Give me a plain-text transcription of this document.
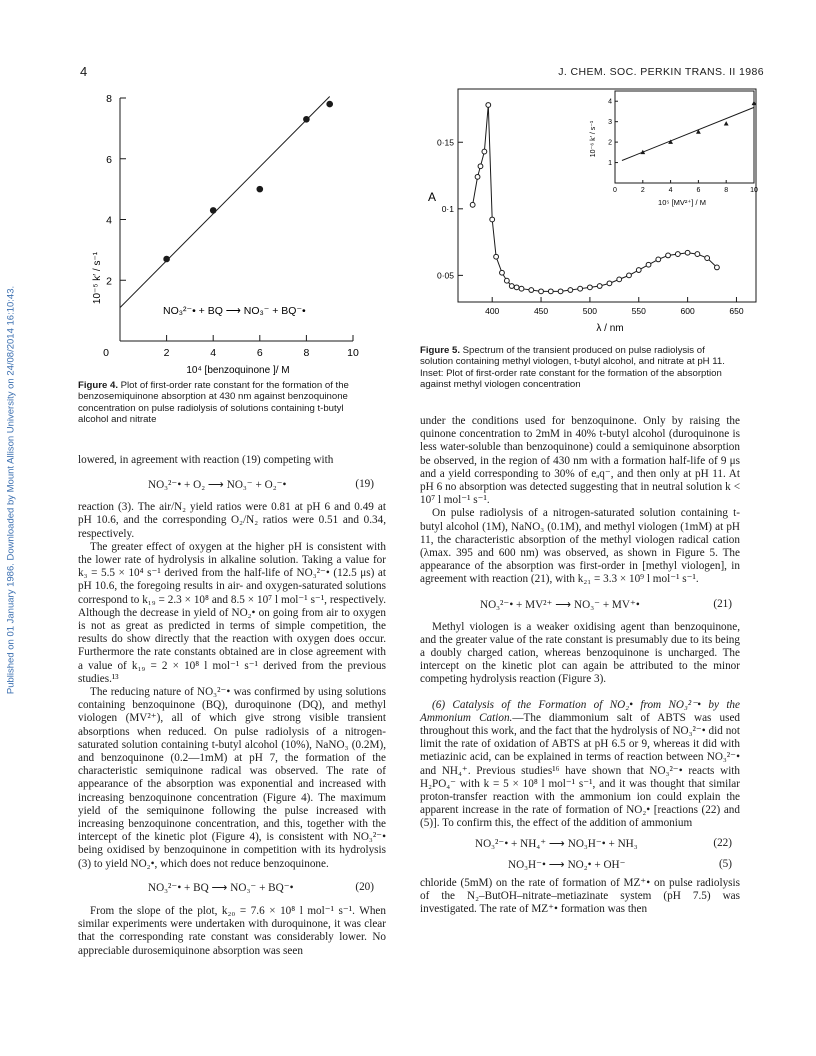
Published on 01 January 1986. Downloaded by Mount Allison University on 24/08/2014 16:10:43.
4	J. CHEM. SOC. PERKIN TRANS. II 1986
10⁻⁵ k′ / s⁻¹ 2
4
6
8
0	2	4	6	8	10
NO₃²⁻• + BQ ⟶ NO₃⁻ + BQ⁻•
10⁴ [benzoquinone ]/ M
Figure 4. Plot of first-order rate constant for the formation of the benzosemiquinone absorption at 430 nm against benzoquinone concentration on pulse radiolysis of solutions containing t-butyl alcohol and nitrate
A
0·05
0·1
0·15
400	450	500	550	600	650
λ / nm
10⁻⁶ k′ / s⁻¹
1
2
3
4
0	2	4	6	8	10
10⁵ [MV²⁺] / M
Figure 5. Spectrum of the transient produced on pulse radiolysis of solution containing methyl viologen, t-butyl alcohol, and nitrate at pH 11. Inset: Plot of first-order rate constant for the formation of the absorption against methyl viologen concentration

lowered, in agreement with reaction (19) competing with

NO₃²⁻• + O₂ ⟶ NO₃⁻ + O₂⁻•	(19)

reaction (3). The air/N₂ yield ratios were 0.81 at pH 6 and 0.49 at pH 10.6, and the corresponding O₂/N₂ ratios were 0.51 and 0.34, respectively.

The greater effect of oxygen at the higher pH is consistent with the lower rate of hydrolysis in alkaline solution. Taking a value for k₃ = 5.5 × 10⁴ s⁻¹ derived from the half-life of NO₃²⁻• (12.5 μs) at pH 10.6, the foregoing results in air- and oxygen-saturated solutions correspond to k₁₉ = 2.3 × 10⁸ and 8.5 × 10⁷ l mol⁻¹ s⁻¹, respectively. Although the decrease in yield of NO₂• on going from air to oxygen is not as great as predicted in terms of simple competition, the results do show directly that the reaction with oxygen does occur. Furthermore the rate constants obtained are in close agreement with a value of k₁₉ = 2 × 10⁸ l mol⁻¹ s⁻¹ derived from the previous studies.¹³

The reducing nature of NO₃²⁻• was confirmed by using solutions containing benzoquinone (BQ), duroquinone (DQ), and methyl viologen (MV²⁺), all of which give strong visible transient absorptions when reduced. On pulse radiolysis of a nitrogen-saturated solution containing t-butyl alcohol (10%), NaNO₃ (0.2M), and benzoquinone (0.2—1mM) at pH 7, the formation of the characteristic semiquinone radical was observed. The rate of appearance of the absorption was exponential and increased with increasing benzoquinone concentration (Figure 4). The maximum yield of the semiquinone following the pulse increased with increasing benzoquinone concentration, and this, together with the intercept of the kinetic plot (Figure 4), is consistent with NO₃²⁻• being oxidised by benzoquinone in competition with its hydrolysis (3) to yield NO₂•, which does not reduce benzoquinone.

NO₃²⁻• + BQ ⟶ NO₃⁻ + BQ⁻•	(20)

From the slope of the plot, k₂₀ = 7.6 × 10⁸ l mol⁻¹ s⁻¹. When similar experiments were undertaken with duroquinone, it was clear that the corresponding rate constant was considerably lower. No appreciable durosemiquinone absorption was seen

under the conditions used for benzoquinone. Only by raising the quinone concentration to 2mM in 40% t-butyl alcohol (duroquinone is less water-soluble than benzoquinone) could a semiquinone absorption be observed, in the region of 430 nm with a formation half-life of 9 μs and a yield corresponding to 30% of eₐq⁻, and then only at pH 11. At pH 6 no absorption was detected suggesting that in neutral solution k < 10⁷ l mol⁻¹ s⁻¹.

On pulse radiolysis of a nitrogen-saturated solution containing t-butyl alcohol (1M), NaNO₃ (0.1M), and methyl viologen (1mM) at pH 11, the characteristic absorption of the methyl viologen radical cation (λmax. 395 and 600 nm) was observed, as shown in Figure 5. The appearance of the absorption was first-order in [methyl viologen], in agreement with reaction (21), with k₂₁ = 3.3 × 10⁹ l mol⁻¹ s⁻¹.

NO₃²⁻• + MV²⁺ ⟶ NO₃⁻ + MV⁺•	(21)

Methyl viologen is a weaker oxidising agent than benzoquinone, and the greater value of the rate constant is presumably due to its being a doubly charged cation, whereas benzoquinone is uncharged. The intercept on the kinetic plot can again be attributed to the minor competing hydrolysis reaction (Figure 3).

(6) Catalysis of the Formation of NO₂• from NO₃²⁻• by the Ammonium Cation.—The diammonium salt of ABTS was used throughout this work, and the fact that the hydrolysis of NO₃²⁻• did not limit the rate of oxidation of ABTS at pH 6.5 or 9, whereas it did with metiazinic acid, can be explained in terms of reaction between NO₃²⁻• and NH₄⁺. Previous studies¹⁶ have shown that NO₃²⁻• reacts with H₂PO₄⁻ with k = 5 × 10⁸ l mol⁻¹ s⁻¹, and it was thought that similar proton-transfer reaction with the ammonium ion could explain the apparent increase in the rate of formation of NO₂• [reactions (22) and (5)]. To confirm this, the effect of the addition of ammonium

NO₃²⁻• + NH₄⁺ ⟶ NO₃H⁻• + NH₃	(22)
NO₃H⁻• ⟶ NO₂• + OH⁻	(5)

chloride (5mM) on the rate of formation of MZ⁺• on pulse radiolysis of the N₂–ButOH–nitrate–metiazinate system (pH 7.5) was investigated. The rate of MZ⁺• formation was then
